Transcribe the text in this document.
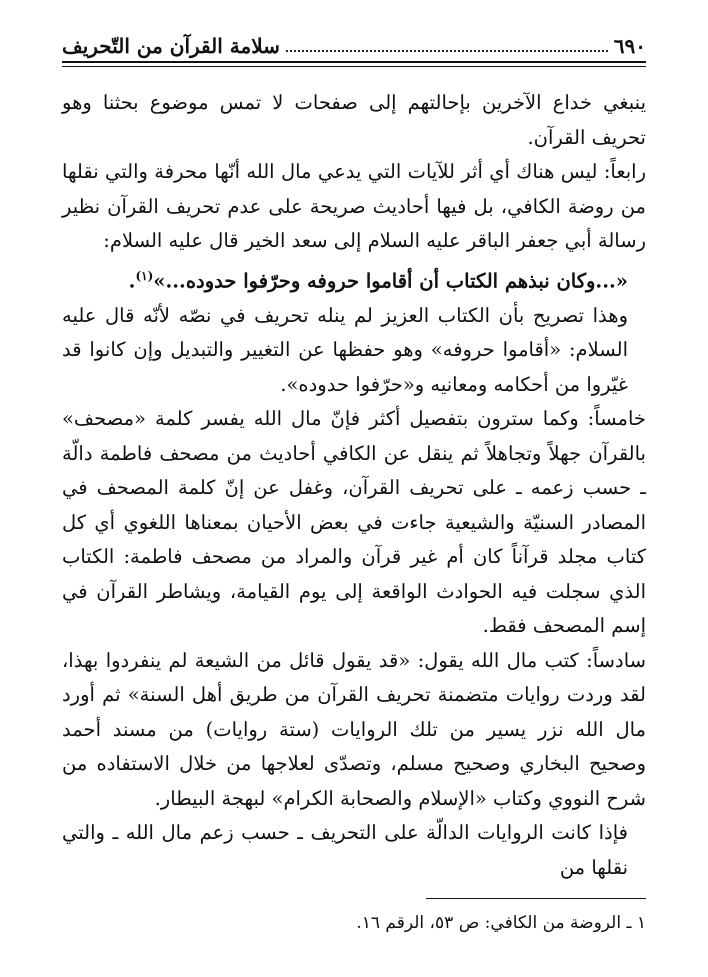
٦٩٠
سلامة القرآن من التّحريف

ينبغي خداع الآخرين بإحالتهم إلى صفحات لا تمس موضوع بحثنا وهو تحريف القرآن.

رابعاً: ليس هناك أي أثر للآيات التي يدعي مال الله أنّها محرفة والتي نقلها من روضة الكافي، بل فيها أحاديث صريحة على عدم تحريف القرآن نظير رسالة أبي جعفر الباقر عليه السلام إلى سعد الخير قال عليه السلام:

«...وكان نبذهم الكتاب أن أقاموا حروفه وحرّفوا حدوده...»$^{(١)}$.

وهذا تصريح بأن الكتاب العزيز لم ينله تحريف في نصّه لأنّه قال عليه السلام: «أقاموا حروفه» وهو حفظها عن التغيير والتبديل وإن كانوا قد غيّروا من أحكامه ومعانيه و«حرّفوا حدوده».

خامساً: وكما سترون بتفصيل أكثر فإنّ مال الله يفسر كلمة «مصحف» بالقرآن جهلاً وتجاهلاً ثم ينقل عن الكافي أحاديث من مصحف فاطمة دالّة ـ حسب زعمه ـ على تحريف القرآن، وغفل عن إنّ كلمة المصحف في المصادر السنيّة والشيعية جاءت في بعض الأحيان بمعناها اللغوي أي كل كتاب مجلد قرآناً كان أم غير قرآن والمراد من مصحف فاطمة: الكتاب الذي سجلت فيه الحوادث الواقعة إلى يوم القيامة، ويشاطر القرآن في إسم المصحف فقط.

سادساً: كتب مال الله يقول: «قد يقول قائل من الشيعة لم ينفردوا بهذا، لقد وردت روايات متضمنة تحريف القرآن من طريق أهل السنة» ثم أورد مال الله نزر يسير من تلك الروايات (ستة روايات) من مسند أحمد وصحيح البخاري وصحيح مسلم، وتصدّى لعلاجها من خلال الاستفاده من شرح النووي وكتاب «الإسلام والصحابة الكرام» لبهجة البيطار.

فإذا كانت الروايات الدالّة على التحريف ـ حسب زعم مال الله ـ والتي نقلها من

١ ـ الروضة من الكافي: ص ٥٣، الرقم ١٦.
